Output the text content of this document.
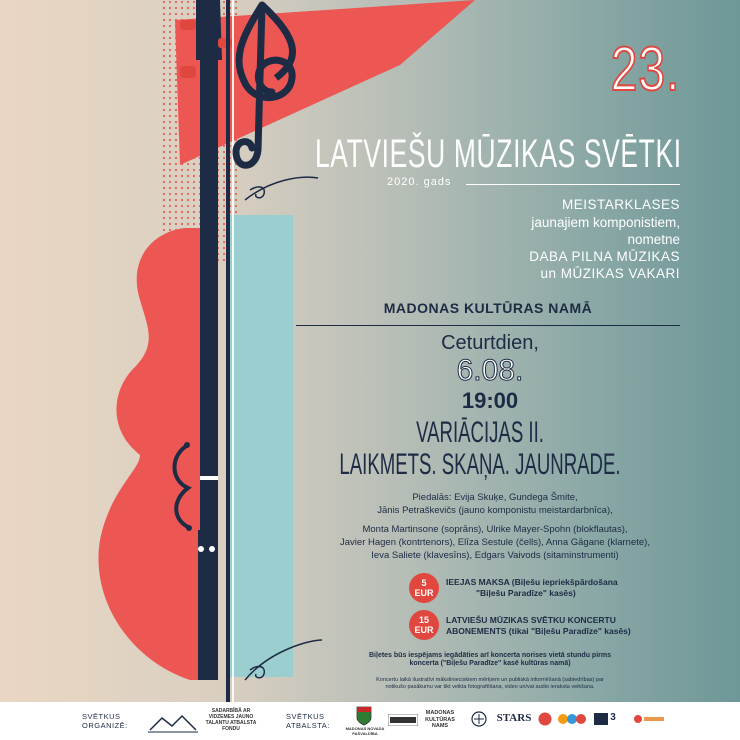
23.
LATVIEŠU MŪZIKAS SVĒTKI
2020. gads
MEISTARKLASES
jaunajiem komponistiem,
nometne
DABA PILNA MŪZIKAS
un MŪZIKAS VAKARI
MADONAS KULTŪRAS NAMĀ
Ceturtdien,
6.08.
19:00
VARIĀCIJAS II.
LAIKMETS. SKAŅA. JAUNRADE.
Piedalās: Evija Skuķe, Gundega Šmite,
Jānis Petraškevičs (jauno komponistu meistardarbnīca),
Monta Martinsone (soprāns), Ulrike Mayer-Spohn (blokflautas),
Javier Hagen (kontrtenors), Elīza Sestule (čells), Anna Gāgane (klarnete),
Ieva Saliete (klavesīns), Edgars Vaivods (sitaminstrumenti)
5
EUR
IEEJAS MAKSA (Biļešu iepriekšpārdošana
"Biļešu Paradīze" kasēs)
15
EUR
LATVIEŠU MŪZIKAS SVĒTKU KONCERTU
ABONEMENTS (tikai "Biļešu Paradīze" kasēs)
Biļetes būs iespējams iegādāties arī koncerta norises vietā stundu pirms
koncerta ("Biļešu Paradīze" kasē kultūras namā)
Koncertu laikā ilustratīvi mākslinieciskiem mērķiem un publiskā informēšanā (sabiedrības) par
notikušo pasākumu var tikt veikta fotografēšana, video un/vai audio ieraksta veikšana.
SVĒTKUS
ORGANIZĒ:
SADARBĪBĀ AR
VIDZEMES JAUNO
TALANTU ATBALSTA
FONDU
SVĒTKUS
ATBALSTA:	MADONAS NOVADA
PAŠVALDĪBA
MADONAS
KULTŪRAS
NAMS
STARS	3
